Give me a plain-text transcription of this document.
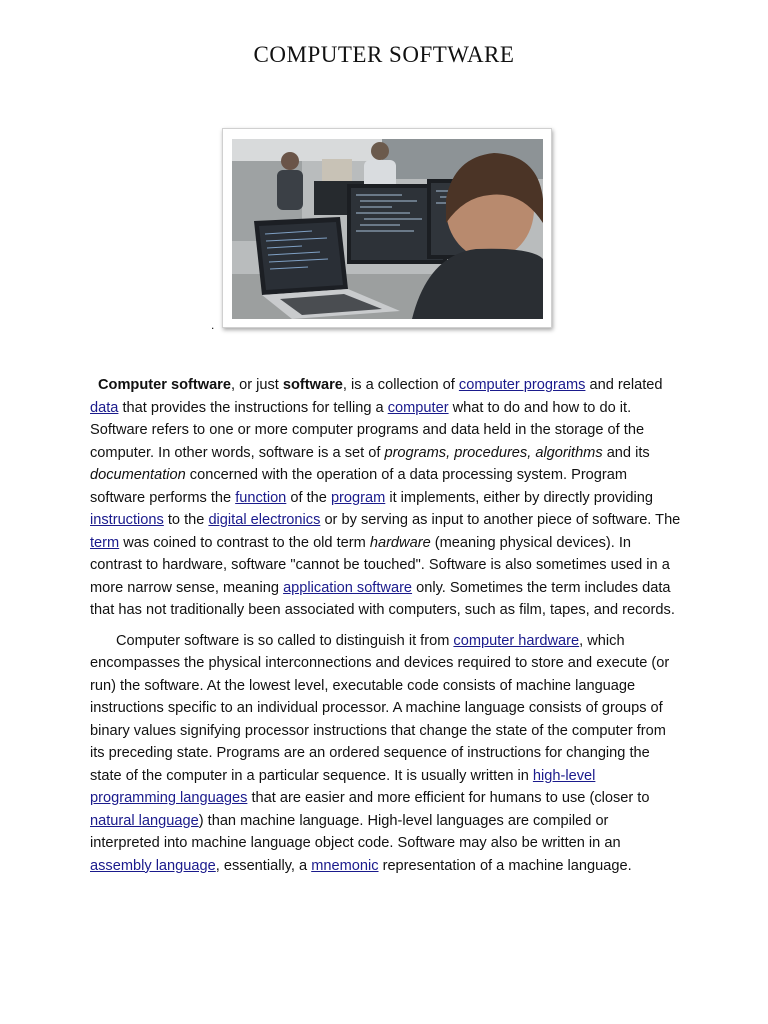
COMPUTER SOFTWARE
.

Computer software, or just software, is a collection of computer programs and related data that provides the instructions for telling a computer what to do and how to do it. Software refers to one or more computer programs and data held in the storage of the computer. In other words, software is a set of programs, procedures, algorithms and its documentation concerned with the operation of a data processing system. Program software performs the function of the program it implements, either by directly providing instructions to the digital electronics or by serving as input to another piece of software. The term was coined to contrast to the old term hardware (meaning physical devices). In contrast to hardware, software "cannot be touched". Software is also sometimes used in a more narrow sense, meaning application software only. Sometimes the term includes data that has not traditionally been associated with computers, such as film, tapes, and records.

Computer software is so called to distinguish it from computer hardware, which encompasses the physical interconnections and devices required to store and execute (or run) the software. At the lowest level, executable code consists of machine language instructions specific to an individual processor. A machine language consists of groups of binary values signifying processor instructions that change the state of the computer from its preceding state. Programs are an ordered sequence of instructions for changing the state of the computer in a particular sequence. It is usually written in high-level programming languages that are easier and more efficient for humans to use (closer to natural language) than machine language. High-level languages are compiled or interpreted into machine language object code. Software may also be written in an assembly language, essentially, a mnemonic representation of a machine language.
